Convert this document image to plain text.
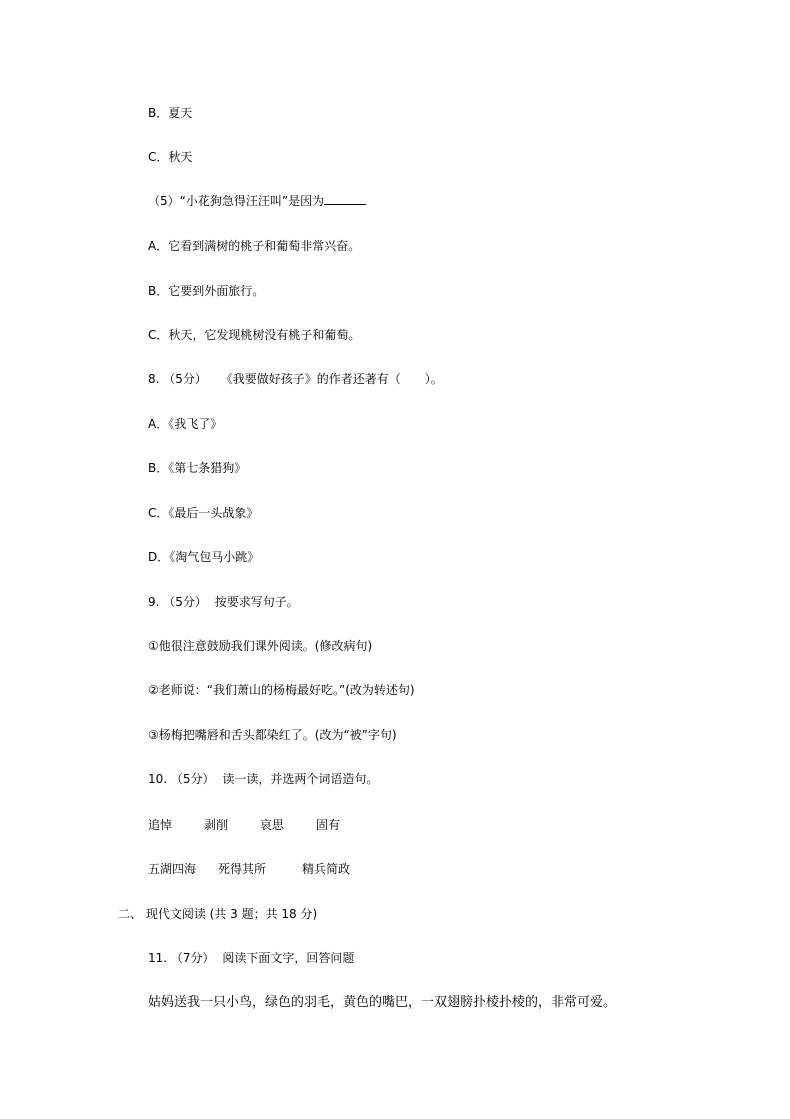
B．夏天
C．秋天
（5）“小花狗急得汪汪叫”是因为
A．它看到满树的桃子和葡萄非常兴奋。
B．它要到外面旅行。
C．秋天，它发现桃树没有桃子和葡萄。
8. （5分） 《我要做好孩子》的作者还著有（　　）。
A．《我飞了》
B．《第七条猎狗》
C．《最后一头战象》
D．《淘气包马小跳》
9. （5分） 按要求写句子。
①他很注意鼓励我们课外阅读。(修改病句)
②老师说：“我们萧山的杨梅最好吃。”(改为转述句)
③杨梅把嘴唇和舌头都染红了。(改为“被”字句)
10. （5分） 读一读，并选两个词语造句。
追悼	剥削	哀思	固有
五湖四海 死得其所	精兵简政
二、 现代文阅读 (共 3 题；共 18 分)
11. （7分） 阅读下面文字，回答问题
姑妈送我一只小鸟，绿色的羽毛，黄色的嘴巴，一双翅膀扑棱扑棱的，非常可爱。
